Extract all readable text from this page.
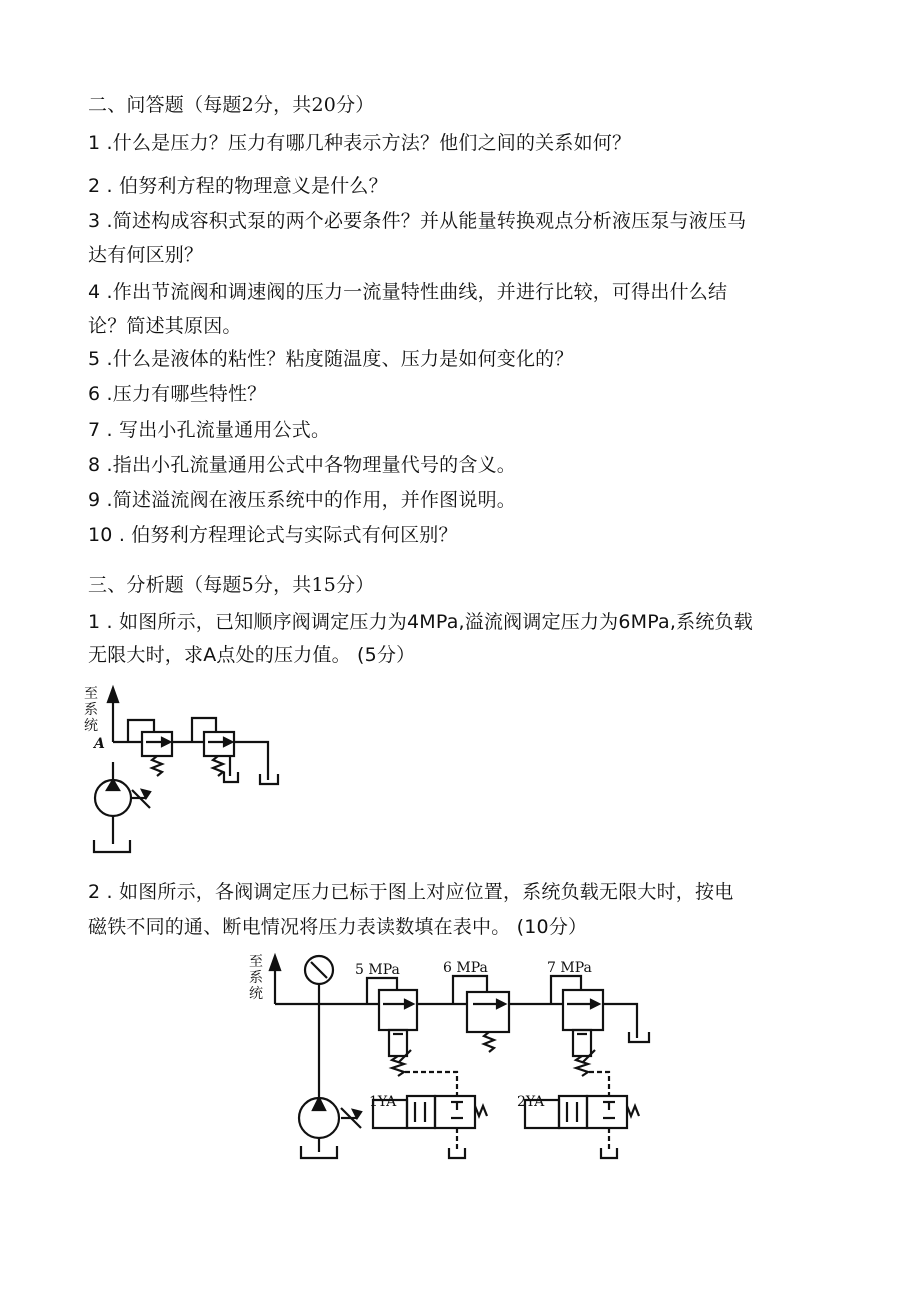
二、问答题（每题2分，共20分）
1 .什么是压力？压力有哪几种表示方法？他们之间的关系如何？
2 . 伯努利方程的物理意义是什么？
3 .简述构成容积式泵的两个必要条件？并从能量转换观点分析液压泵与液压马
达有何区别？
4 .作出节流阀和调速阀的压力一流量特性曲线，并进行比较，可得出什么结
论？简述其原因。
5 .什么是液体的粘性？粘度随温度、压力是如何变化的？
6 .压力有哪些特性？
7 . 写出小孔流量通用公式。
8 .指出小孔流量通用公式中各物理量代号的含义。
9 .简述溢流阀在液压系统中的作用，并作图说明。
10 . 伯努利方程理论式与实际式有何区别？
三、分析题（每题5分，共15分）
1 . 如图所示，已知顺序阀调定压力为4MPa,溢流阀调定压力为6MPa,系统负载
无限大时，求A点处的压力值。 (5分）
至
系
统
A
2 . 如图所示，各阀调定压力已标于图上对应位置，系统负载无限大时，按电
磁铁不同的通、断电情况将压力表读数填在表中。 (10分）
至
系
统
5 MPa	6 MPa	7 MPa
1YA	2YA
